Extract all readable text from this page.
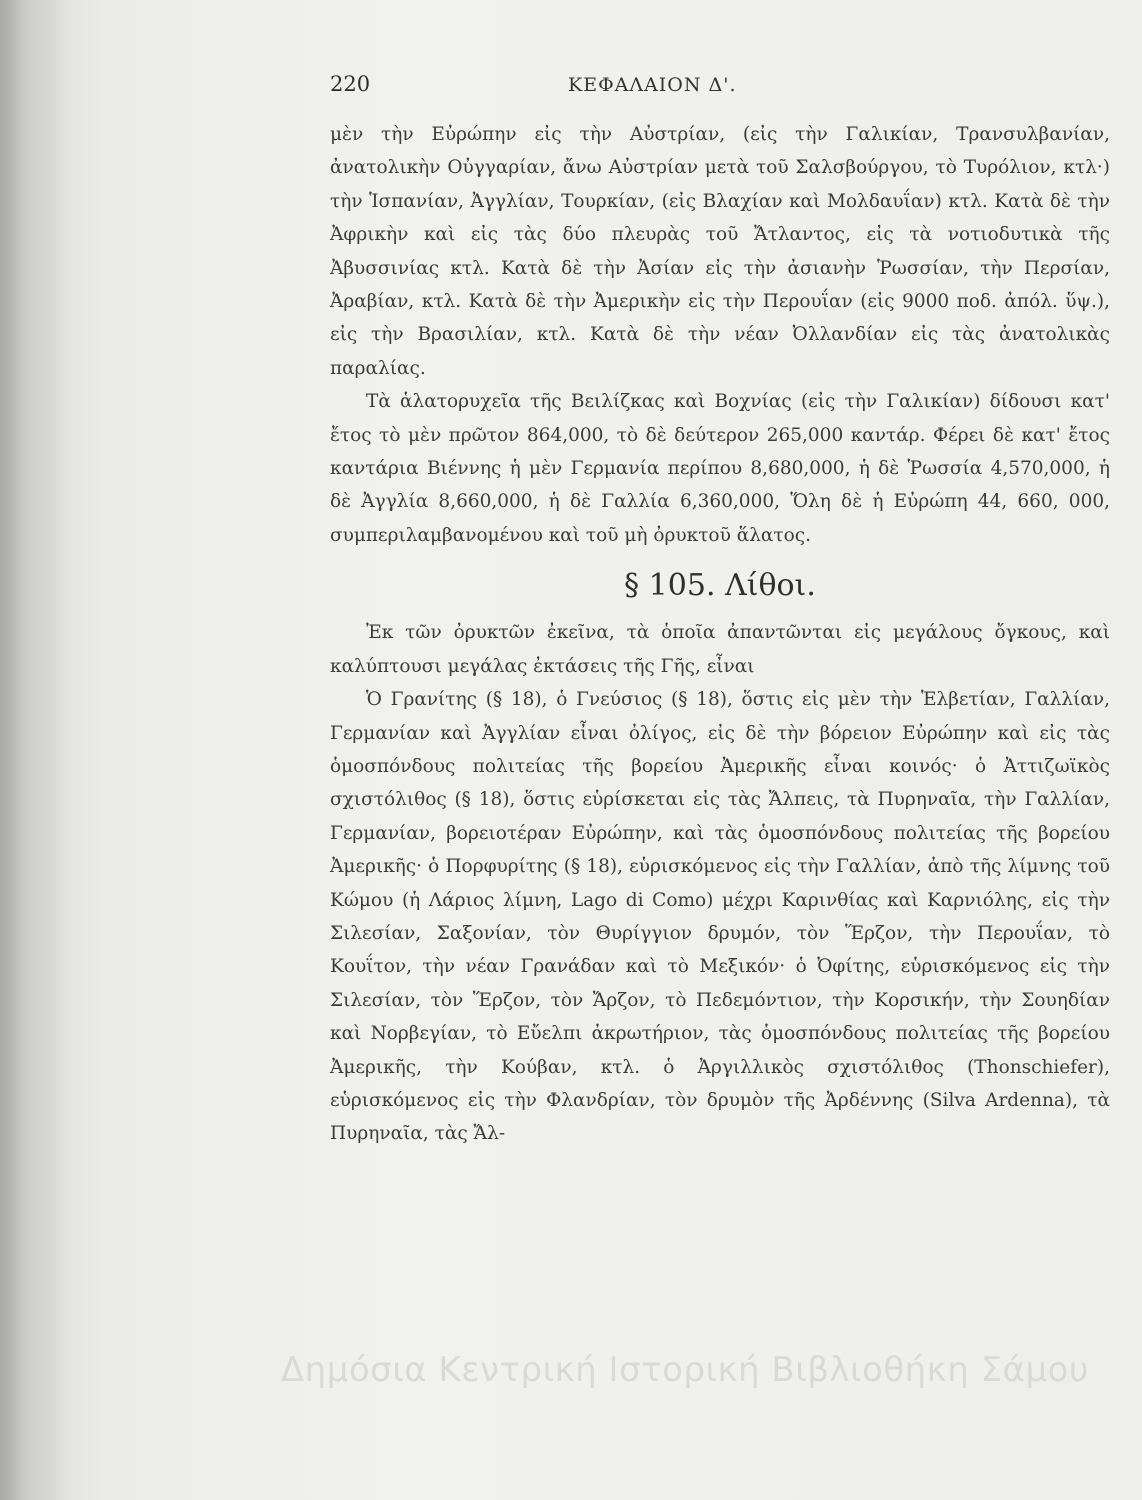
220	ΚΕΦΑΛΑΙΟΝ Δ'.

μὲν τὴν Εὐρώπην εἰς τὴν Αὐστρίαν, (εἰς τὴν Γαλικίαν, Τρανσυλβανίαν, ἀνατολικὴν Οὐγγαρίαν, ἄνω Αὐστρίαν μετὰ τοῦ Σαλσβούργου, τὸ Τυρόλιον, κτλ·) τὴν Ἱσπανίαν, Ἀγγλίαν, Τουρκίαν, (εἰς Βλαχίαν καὶ Μολδαυΐαν) κτλ. Κατὰ δὲ τὴν Ἀφρικὴν καὶ εἰς τὰς δύο πλευρὰς τοῦ Ἄτλαντος, εἰς τὰ νοτιοδυτικὰ τῆς Ἀβυσσινίας κτλ. Κατὰ δὲ τὴν Ἀσίαν εἰς τὴν ἀσιανὴν Ῥωσσίαν, τὴν Περσίαν, Ἀραβίαν, κτλ. Κατὰ δὲ τὴν Ἀμερικὴν εἰς τὴν Περουΐαν (εἰς 9000 ποδ. ἀπόλ. ὕψ.), εἰς τὴν Βρασιλίαν, κτλ. Κατὰ δὲ τὴν νέαν Ὀλλανδίαν εἰς τὰς ἀνατολικὰς παραλίας.

Τὰ ἁλατορυχεῖα τῆς Βειλίζκας καὶ Βοχνίας (εἰς τὴν Γαλικίαν) δίδουσι κατ' ἔτος τὸ μὲν πρῶτον 864,000, τὸ δὲ δεύτερον 265,000 καντάρ. Φέρει δὲ κατ' ἔτος καντάρια Βιέννης ἡ μὲν Γερμανία περίπου 8,680,000, ἡ δὲ Ῥωσσία 4,570,000, ἡ δὲ Ἀγγλία 8,660,000, ἡ δὲ Γαλλία 6,360,000, Ὅλη δὲ ἡ Εὐρώπη 44, 660, 000, συμπεριλαμβανομένου καὶ τοῦ μὴ ὀρυκτοῦ ἅλατος.

§ 105. Λίθοι.

Ἐκ τῶν ὀρυκτῶν ἐκεῖνα, τὰ ὁποῖα ἀπαντῶνται εἰς μεγάλους ὄγκους, καὶ καλύπτουσι μεγάλας ἐκτάσεις τῆς Γῆς, εἶναι

Ὁ Γρανίτης (§ 18), ὁ Γνεύσιος (§ 18), ὅστις εἰς μὲν τὴν Ἑλβετίαν, Γαλλίαν, Γερμανίαν καὶ Ἀγγλίαν εἶναι ὀλίγος, εἰς δὲ τὴν βόρειον Εὐρώπην καὶ εἰς τὰς ὁμοσπόνδους πολιτείας τῆς βορείου Ἀμερικῆς εἶναι κοινός· ὁ Ἀττιζωϊκὸς σχιστόλιθος (§ 18), ὅστις εὑρίσκεται εἰς τὰς Ἄλπεις, τὰ Πυρηναῖα, τὴν Γαλλίαν, Γερμανίαν, βορειοτέραν Εὐρώπην, καὶ τὰς ὁμοσπόνδους πολιτείας τῆς βορείου Ἀμερικῆς· ὁ Πορφυρίτης (§ 18), εὑρισκόμενος εἰς τὴν Γαλλίαν, ἀπὸ τῆς λίμνης τοῦ Κώμου (ἡ Λάριος λίμνη, Lago di Como) μέχρι Καρινθίας καὶ Καρνιόλης, εἰς τὴν Σιλεσίαν, Σαξονίαν, τὸν Θυρίγγιον δρυμόν, τὸν Ἕρζον, τὴν Περουΐαν, τὸ Κουΐτον, τὴν νέαν Γρανάδαν καὶ τὸ Μεξικόν· ὁ Ὀφίτης, εὑρισκόμενος εἰς τὴν Σιλεσίαν, τὸν Ἕρζον, τὸν Ἄρζον, τὸ Πεδεμόντιον, τὴν Κορσικήν, τὴν Σουηδίαν καὶ Νορβεγίαν, τὸ Εὔελπι ἀκρωτήριον, τὰς ὁμοσπόνδους πολιτείας τῆς βορείου Ἀμερικῆς, τὴν Κούβαν, κτλ. ὁ Ἀργιλλικὸς σχιστόλιθος (Thonschiefer), εὑρισκόμενος εἰς τὴν Φλανδρίαν, τὸν δρυμὸν τῆς Ἀρδέννης (Silva Ardenna), τὰ Πυρηναῖα, τὰς Ἄλ-

Δημόσια Κεντρική Ιστορική Βιβλιοθήκη Σάμου
